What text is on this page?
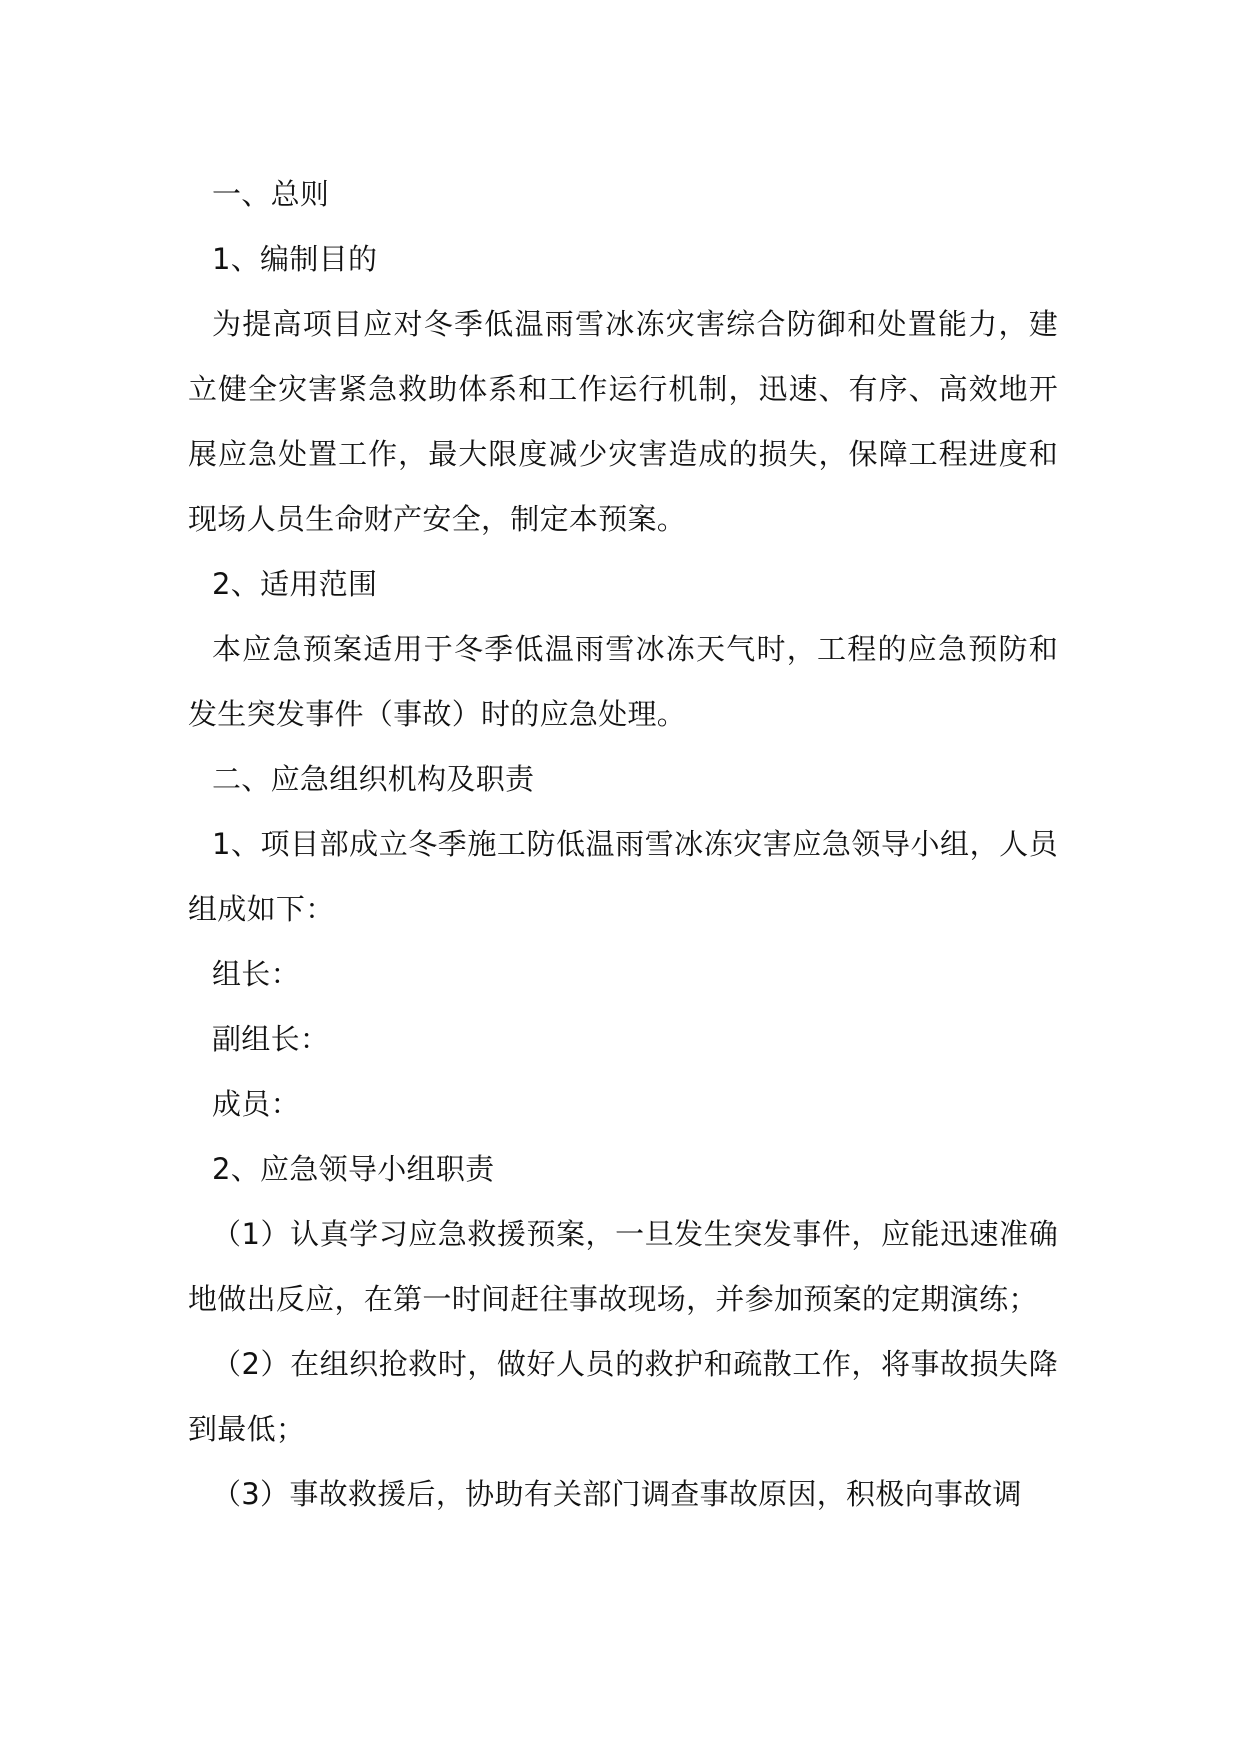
一、总则

1、编制目的

为提高项目应对冬季低温雨雪冰冻灾害综合防御和处置能力，建立健全灾害紧急救助体系和工作运行机制，迅速、有序、高效地开展应急处置工作，最大限度减少灾害造成的损失，保障工程进度和现场人员生命财产安全，制定本预案。

2、适用范围

本应急预案适用于冬季低温雨雪冰冻天气时，工程的应急预防和发生突发事件（事故）时的应急处理。

二、应急组织机构及职责

1、项目部成立冬季施工防低温雨雪冰冻灾害应急领导小组，人员组成如下：

组长：

副组长：

成员：

2、应急领导小组职责

（1）认真学习应急救援预案，一旦发生突发事件，应能迅速准确地做出反应，在第一时间赶往事故现场，并参加预案的定期演练；

（2）在组织抢救时，做好人员的救护和疏散工作，将事故损失降到最低；

（3）事故救援后，协助有关部门调查事故原因，积极向事故调
